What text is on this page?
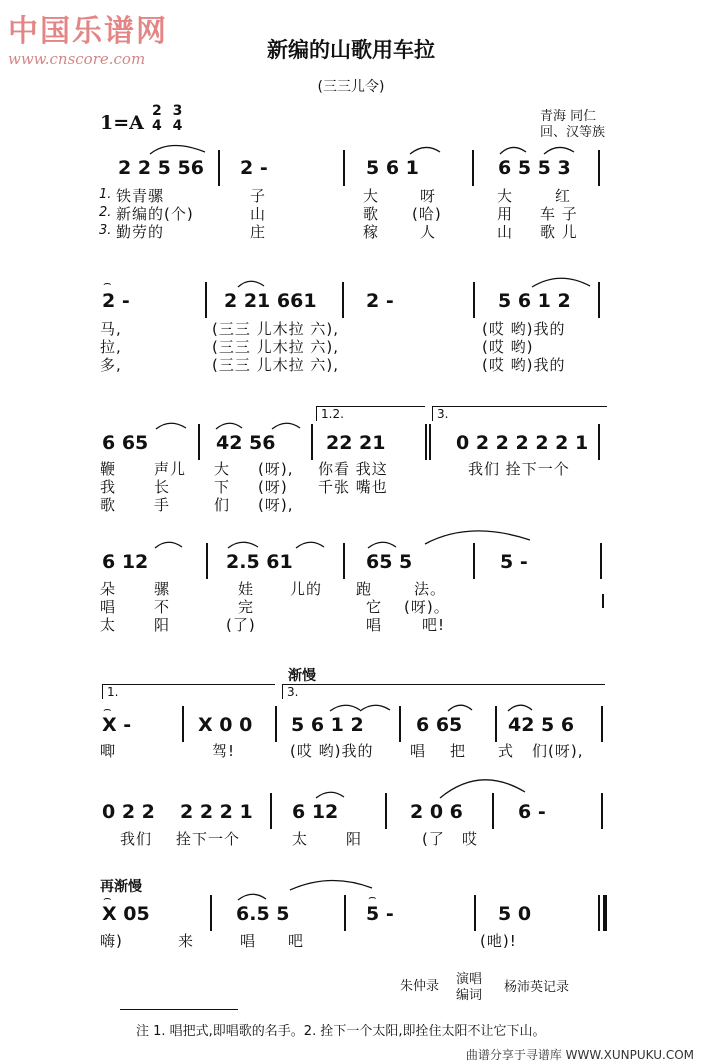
中国乐谱网
www.cnscore.com	新编的山歌用车拉
(三三儿令)
1=A
2
4

3
4
青海 同仁
回、汉等族
2 2 5 56 2 -	5 6 1	6 5 5 3
1. 铁青骡	子	大	呀	大	红
2. 新编的(个)	山	歌 (哈)	用 车 子
3. 勤劳的	庄	稼	人	山 歌 儿
⌢
2 -	2 21 661	2 -	5 6 1 2
马,	(三三 儿木拉 六),	(哎 哟)我的
拉,	(三三 儿木拉 六),	(哎 哟)
多,	(三三 儿木拉 六),	(哎 哟)我的
1.2.	3.
6 65	42 56	22 21	0 2 2 2 2 2 1
鞭	声儿 大 (呀), 你看 我这	我们 拴下一个
我	长	下 (呀) 千张 嘴也
歌	手	们 (呀),
6 12	2.5 61	65 5	5 -
朵	骡	娃 儿的 跑	法。
唱	不	完	它 (呀)。
太	阳	(了)	唱	吧!
渐慢
1.	3.
⌢
X -	X 0 0 5 6 1 2	6 65 42 5 6
唧	驾!	(哎 哟)我的 唱 把 式 们(呀),
0 2 2 2 2 2 1 6 12	2 0 6	6 -
我们 拴下一个	太	阳	(了 哎
再渐慢
⌢
X 05	6.5 5
⌢
5 -	5 0
嗨)	来	唱 吧	(吔)!
朱仲录 演唱
编词
杨沛英记录
注 1. 唱把式,即唱歌的名手。2. 拴下一个太阳,即拴住太阳不让它下山。
曲谱分享于寻谱库 WWW.XUNPUKU.COM
